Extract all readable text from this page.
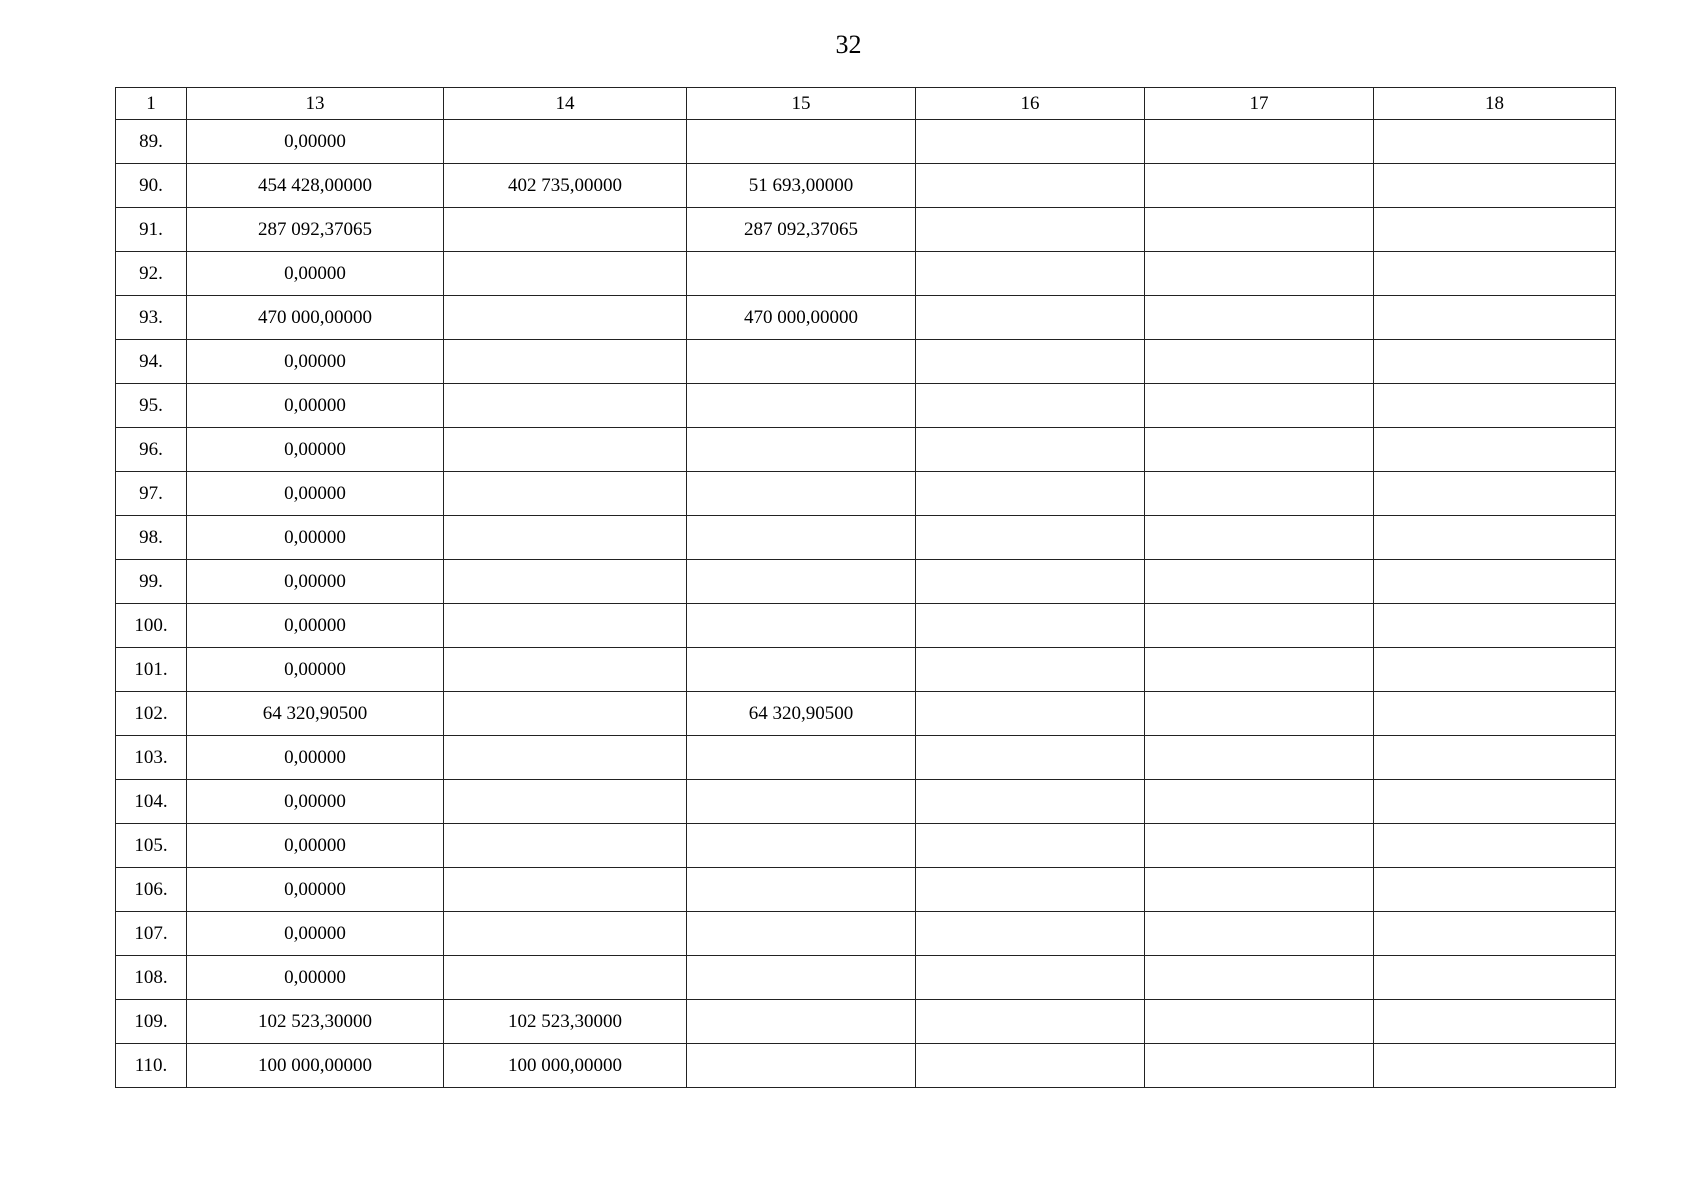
32
1	13	14	15	16	17	18
89.	0,00000					
90.	454 428,00000	402 735,00000	51 693,00000			
91.	287 092,37065		287 092,37065			
92.	0,00000					
93.	470 000,00000		470 000,00000			
94.	0,00000					
95.	0,00000					
96.	0,00000					
97.	0,00000					
98.	0,00000					
99.	0,00000					
100.	0,00000					
101.	0,00000					
102.	64 320,90500		64 320,90500			
103.	0,00000					
104.	0,00000					
105.	0,00000					
106.	0,00000					
107.	0,00000					
108.	0,00000					
109.	102 523,30000	102 523,30000				
110.	100 000,00000	100 000,00000				
